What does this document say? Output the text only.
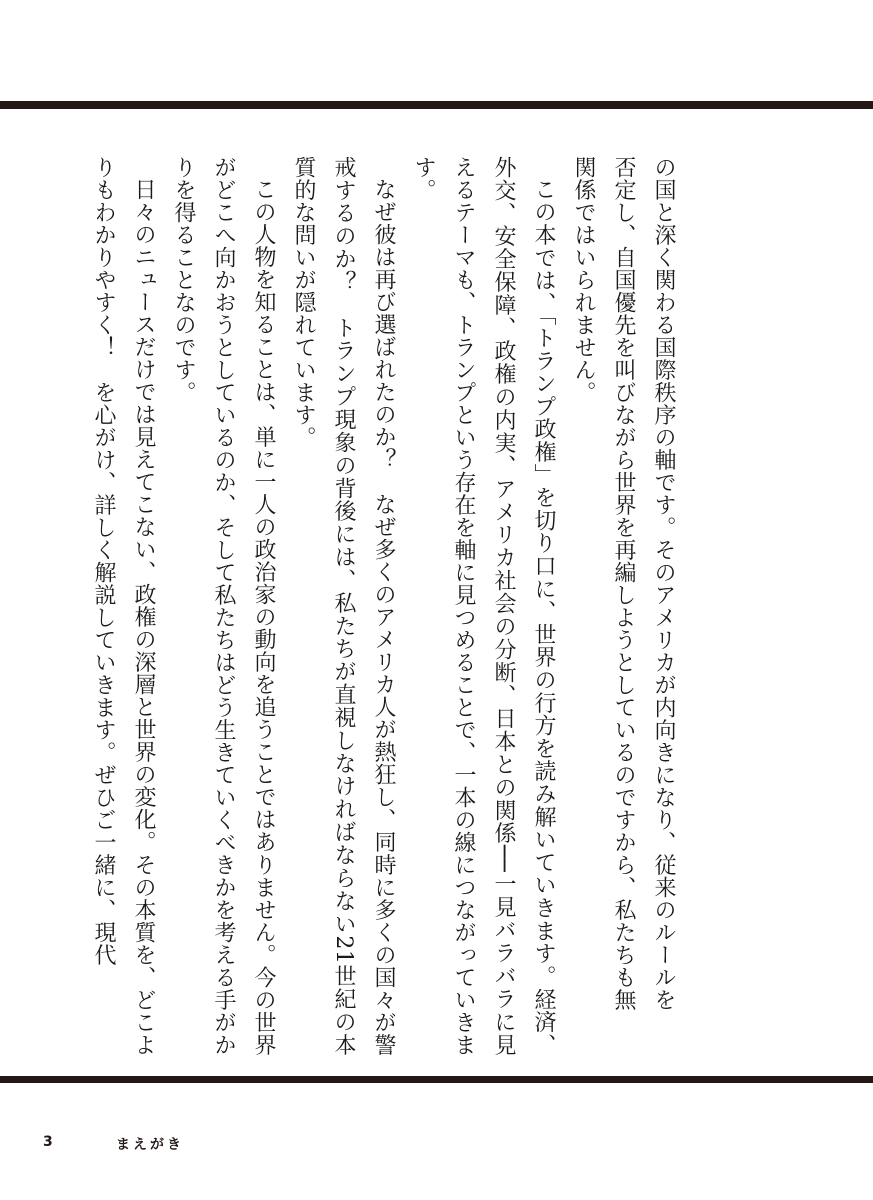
の国と深く関わる国際秩序の軸です。そのアメリカが内向きになり、従来のルールを

否定し、自国優先を叫びながら世界を再編しようとしているのですから、私たちも無

関係ではいられません。

この本では、「トランプ政権」を切り口に、世界の行方を読み解いていきます。経済、外交、安全保障、政権の内実、アメリカ社会の分断、日本との関係──一見バラバラに見えるテーマも、トランプという存在を軸に見つめることで、一本の線につながっていきます。

なぜ彼は再び選ばれたのか？　なぜ多くのアメリカ人が熱狂し、同時に多くの国々が警戒するのか？　トランプ現象の背後には、私たちが直視しなければならない21世紀の本質的な問いが隠れています。

この人物を知ることは、単に一人の政治家の動向を追うことではありません。今の世界がどこへ向かおうとしているのか、そして私たちはどう生きていくべきかを考える手がかりを得ることなのです。

日々のニュースだけでは見えてこない、政権の深層と世界の変化。その本質を、どこよりもわかりやすく！　を心がけ、詳しく解説していきます。ぜひご一緒に、現代

3	まえがき
